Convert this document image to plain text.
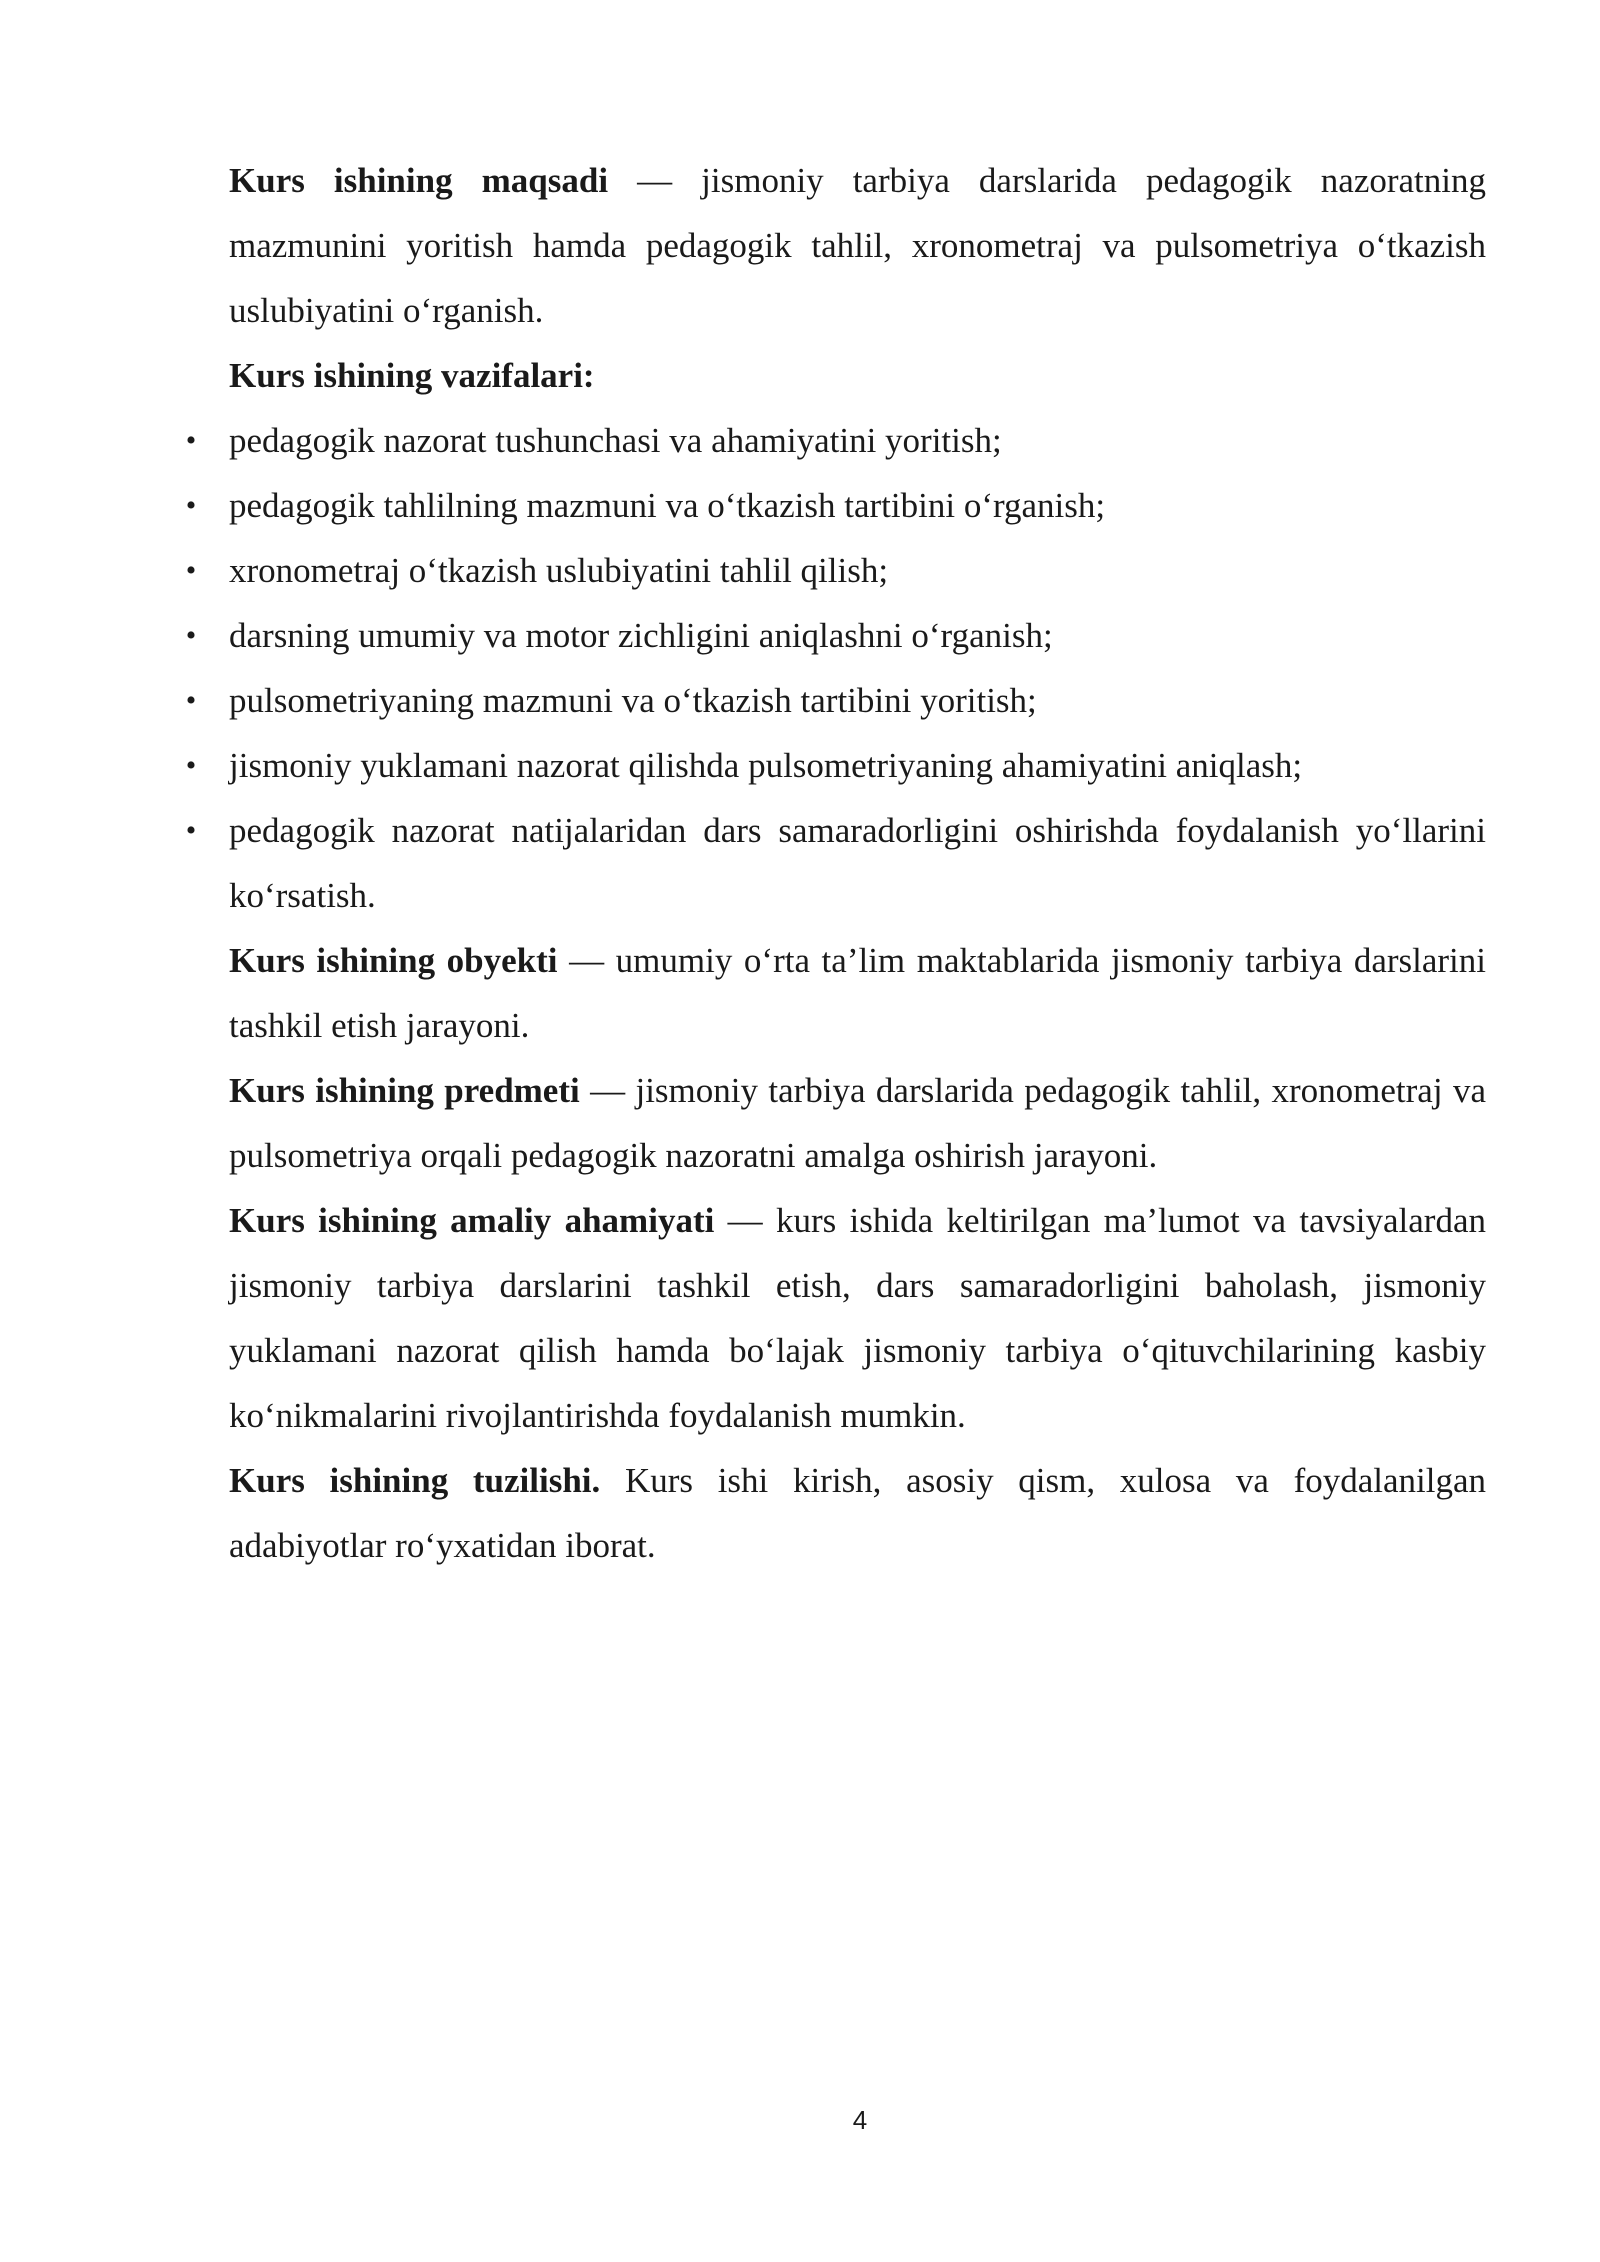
Kurs ishining maqsadi — jismoniy tarbiya darslarida pedagogik nazoratning mazmunini yoritish hamda pedagogik tahlil, xronometraj va pulsometriya o‘tkazish uslubiyatini o‘rganish.

Kurs ishining vazifalari:

• pedagogik nazorat tushunchasi va ahamiyatini yoritish;
• pedagogik tahlilning mazmuni va o‘tkazish tartibini o‘rganish;
• xronometraj o‘tkazish uslubiyatini tahlil qilish;
• darsning umumiy va motor zichligini aniqlashni o‘rganish;
• pulsometriyaning mazmuni va o‘tkazish tartibini yoritish;
• jismoniy yuklamani nazorat qilishda pulsometriyaning ahamiyatini aniqlash;
• pedagogik nazorat natijalaridan dars samaradorligini oshirishda foydalanish yo‘llarini ko‘rsatish.

Kurs ishining obyekti — umumiy o‘rta ta’lim maktablarida jismoniy tarbiya darslarini tashkil etish jarayoni.

Kurs ishining predmeti — jismoniy tarbiya darslarida pedagogik tahlil, xronometraj va pulsometriya orqali pedagogik nazoratni amalga oshirish jarayoni.

Kurs ishining amaliy ahamiyati — kurs ishida keltirilgan ma’lumot va tavsiyalardan jismoniy tarbiya darslarini tashkil etish, dars samaradorligini baholash, jismoniy yuklamani nazorat qilish hamda bo‘lajak jismoniy tarbiya o‘qituvchilarining kasbiy ko‘nikmalarini rivojlantirishda foydalanish mumkin.

Kurs ishining tuzilishi. Kurs ishi kirish, asosiy qism, xulosa va foydalanilgan adabiyotlar ro‘yxatidan iborat.

4
